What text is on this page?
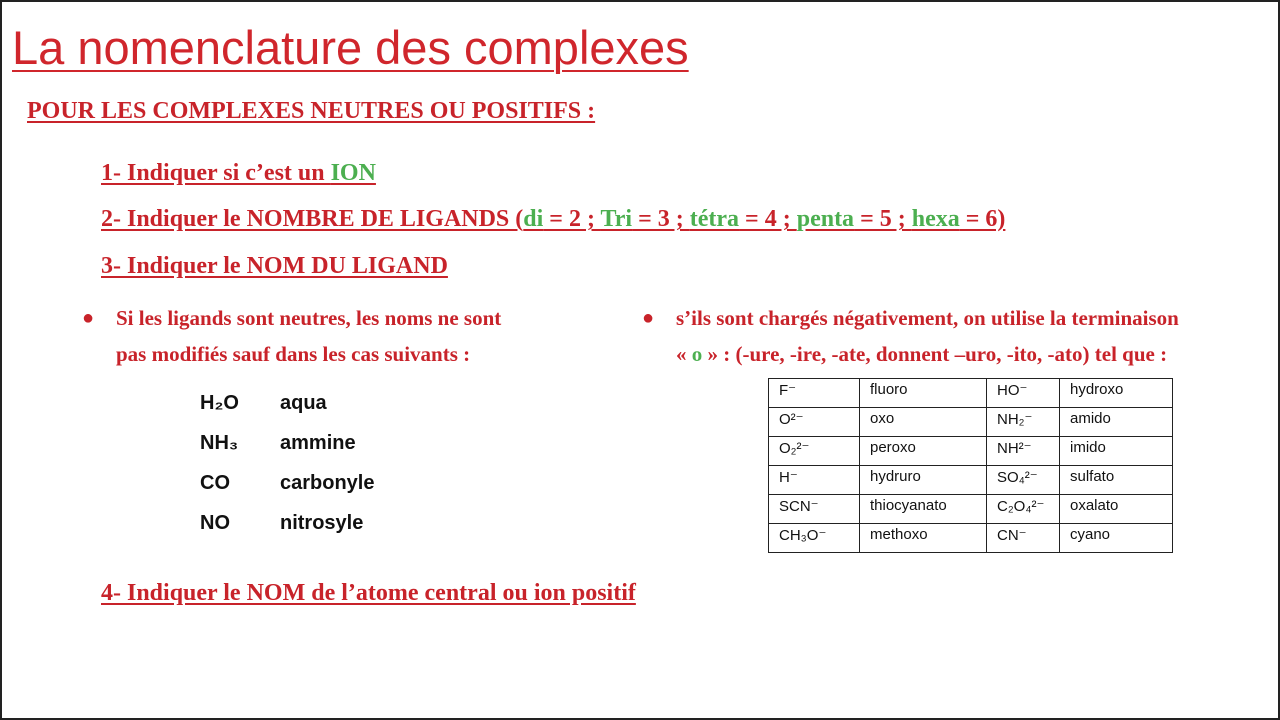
La nomenclature des complexes
POUR LES COMPLEXES NEUTRES OU POSITIFS :
1- Indiquer si c’est un ION
2- Indiquer le NOMBRE DE LIGANDS (di = 2 ; Tri = 3 ; tétra = 4 ; penta = 5 ; hexa = 6)
3- Indiquer le NOM DU LIGAND
● Si les ligands sont neutres, les noms ne sont
pas modifiés sauf dans les cas suivants :
● s’ils sont chargés négativement, on utilise la terminaison
« o » : (-ure, -ire, -ate, donnent –uro, -ito, -ato) tel que :
H₂O	aqua
NH₃	ammine
CO	carbonyle
NO	nitrosyle
F⁻	fluoro	HO⁻	hydroxo
O²⁻	oxo	NH₂⁻	amido
O₂²⁻	peroxo	NH²⁻	imido
H⁻	hydruro	SO₄²⁻	sulfato
SCN⁻	thiocyanato	C₂O₄²⁻	oxalato
CH₃O⁻	methoxo	CN⁻	cyano
4- Indiquer le NOM de l’atome central ou ion positif
